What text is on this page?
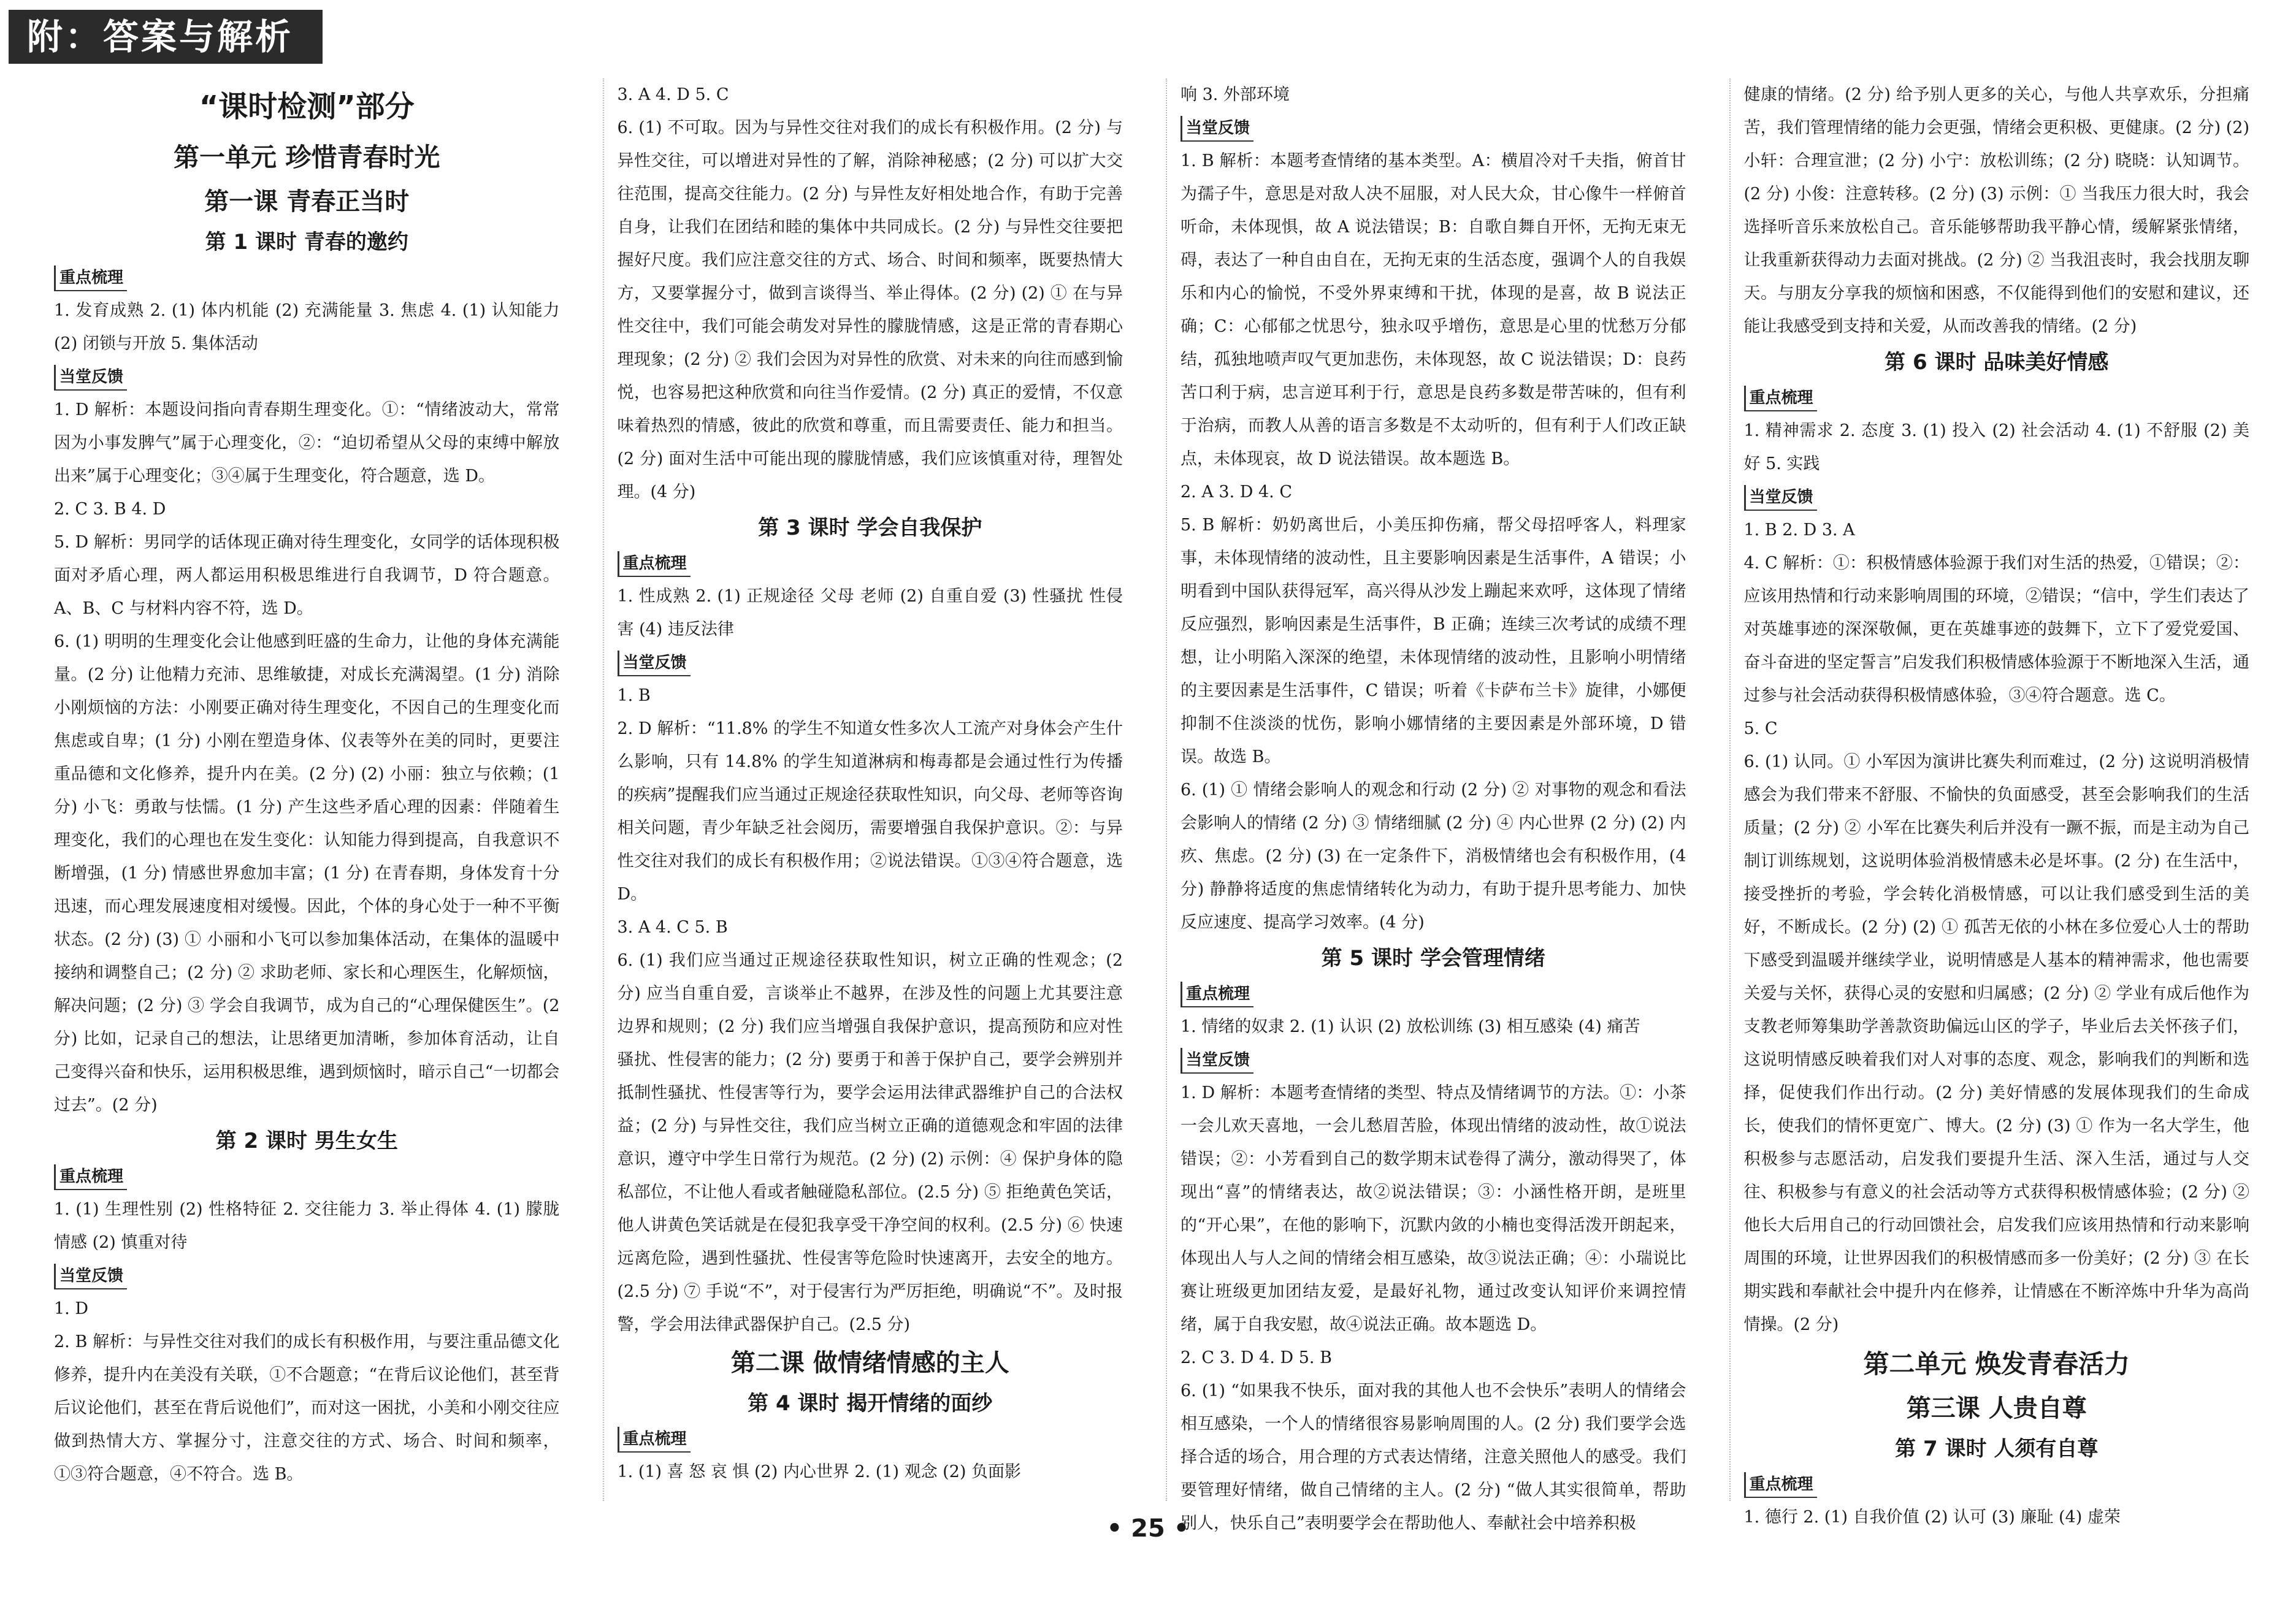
附：答案与解析
“课时检测”部分
第一单元 珍惜青春时光
第一课 青春正当时
第 1 课时 青春的邀约
重点梳理

1. 发育成熟 2. (1) 体内机能 (2) 充满能量 3. 焦虑 4. (1) 认知能力 (2) 闭锁与开放 5. 集体活动

当堂反馈

1. D 解析：本题设问指向青春期生理变化。①：“情绪波动大，常常因为小事发脾气”属于心理变化，②：“迫切希望从父母的束缚中解放出来”属于心理变化；③④属于生理变化，符合题意，选 D。

2. C 3. B 4. D

5. D 解析：男同学的话体现正确对待生理变化，女同学的话体现积极面对矛盾心理，两人都运用积极思维进行自我调节，D 符合题意。A、B、C 与材料内容不符，选 D。

6. (1) 明明的生理变化会让他感到旺盛的生命力，让他的身体充满能量。(2 分) 让他精力充沛、思维敏捷，对成长充满渴望。(1 分) 消除小刚烦恼的方法：小刚要正确对待生理变化，不因自己的生理变化而焦虑或自卑；(1 分) 小刚在塑造身体、仪表等外在美的同时，更要注重品德和文化修养，提升内在美。(2 分) (2) 小丽：独立与依赖；(1 分) 小飞：勇敢与怯懦。(1 分) 产生这些矛盾心理的因素：伴随着生理变化，我们的心理也在发生变化：认知能力得到提高，自我意识不断增强，(1 分) 情感世界愈加丰富；(1 分) 在青春期，身体发育十分迅速，而心理发展速度相对缓慢。因此，个体的身心处于一种不平衡状态。(2 分) (3) ① 小丽和小飞可以参加集体活动，在集体的温暖中接纳和调整自己；(2 分) ② 求助老师、家长和心理医生，化解烦恼，解决问题；(2 分) ③ 学会自我调节，成为自己的“心理保健医生”。(2 分) 比如，记录自己的想法，让思绪更加清晰，参加体育活动，让自己变得兴奋和快乐，运用积极思维，遇到烦恼时，暗示自己“一切都会过去”。(2 分)

第 2 课时 男生女生
重点梳理

1. (1) 生理性别 (2) 性格特征 2. 交往能力 3. 举止得体 4. (1) 朦胧情感 (2) 慎重对待

当堂反馈

1. D

2. B 解析：与异性交往对我们的成长有积极作用，与要注重品德文化修养，提升内在美没有关联，①不合题意；“在背后议论他们，甚至背后议论他们，甚至在背后说他们”，而对这一困扰，小美和小刚交往应做到热情大方、掌握分寸，注意交往的方式、场合、时间和频率，①③符合题意，④不符合。选 B。

3. A 4. D 5. C

6. (1) 不可取。因为与异性交往对我们的成长有积极作用。(2 分) 与异性交往，可以增进对异性的了解，消除神秘感；(2 分) 可以扩大交往范围，提高交往能力。(2 分) 与异性友好相处地合作，有助于完善自身，让我们在团结和睦的集体中共同成长。(2 分) 与异性交往要把握好尺度。我们应注意交往的方式、场合、时间和频率，既要热情大方，又要掌握分寸，做到言谈得当、举止得体。(2 分) (2) ① 在与异性交往中，我们可能会萌发对异性的朦胧情感，这是正常的青春期心理现象；(2 分) ② 我们会因为对异性的欣赏、对未来的向往而感到愉悦，也容易把这种欣赏和向往当作爱情。(2 分) 真正的爱情，不仅意味着热烈的情感，彼此的欣赏和尊重，而且需要责任、能力和担当。(2 分) 面对生活中可能出现的朦胧情感，我们应该慎重对待，理智处理。(4 分)

第 3 课时 学会自我保护
重点梳理

1. 性成熟 2. (1) 正规途径 父母 老师 (2) 自重自爱 (3) 性骚扰 性侵害 (4) 违反法律

当堂反馈

1. B

2. D 解析：“11.8% 的学生不知道女性多次人工流产对身体会产生什么影响，只有 14.8% 的学生知道淋病和梅毒都是会通过性行为传播的疾病”提醒我们应当通过正规途径获取性知识，向父母、老师等咨询相关问题，青少年缺乏社会阅历，需要增强自我保护意识。②：与异性交往对我们的成长有积极作用；②说法错误。①③④符合题意，选 D。

3. A 4. C 5. B

6. (1) 我们应当通过正规途径获取性知识，树立正确的性观念；(2 分) 应当自重自爱，言谈举止不越界，在涉及性的问题上尤其要注意边界和规则；(2 分) 我们应当增强自我保护意识，提高预防和应对性骚扰、性侵害的能力；(2 分) 要勇于和善于保护自己，要学会辨别并抵制性骚扰、性侵害等行为，要学会运用法律武器维护自己的合法权益；(2 分) 与异性交往，我们应当树立正确的道德观念和牢固的法律意识，遵守中学生日常行为规范。(2 分) (2) 示例：④ 保护身体的隐私部位，不让他人看或者触碰隐私部位。(2.5 分) ⑤ 拒绝黄色笑话，他人讲黄色笑话就是在侵犯我享受干净空间的权利。(2.5 分) ⑥ 快速远离危险，遇到性骚扰、性侵害等危险时快速离开，去安全的地方。(2.5 分) ⑦ 手说“不”，对于侵害行为严厉拒绝，明确说“不”。及时报警，学会用法律武器保护自己。(2.5 分)

第二课 做情绪情感的主人
第 4 课时 揭开情绪的面纱
重点梳理

1. (1) 喜 怒 哀 惧 (2) 内心世界 2. (1) 观念 (2) 负面影

响 3. 外部环境

当堂反馈

1. B 解析：本题考查情绪的基本类型。A：横眉冷对千夫指，俯首甘为孺子牛，意思是对敌人决不屈服，对人民大众，甘心像牛一样俯首听命，未体现惧，故 A 说法错误；B：自歌自舞自开怀，无拘无束无碍，表达了一种自由自在，无拘无束的生活态度，强调个人的自我娱乐和内心的愉悦，不受外界束缚和干扰，体现的是喜，故 B 说法正确；C：心郁郁之忧思兮，独永叹乎增伤，意思是心里的忧愁万分郁结，孤独地喷声叹气更加悲伤，未体现怒，故 C 说法错误；D：良药苦口利于病，忠言逆耳利于行，意思是良药多数是带苦味的，但有利于治病，而教人从善的语言多数是不太动听的，但有利于人们改正缺点，未体现哀，故 D 说法错误。故本题选 B。

2. A 3. D 4. C

5. B 解析：奶奶离世后，小美压抑伤痛，帮父母招呼客人，料理家事，未体现情绪的波动性，且主要影响因素是生活事件，A 错误；小明看到中国队获得冠军，高兴得从沙发上蹦起来欢呼，这体现了情绪反应强烈，影响因素是生活事件，B 正确；连续三次考试的成绩不理想，让小明陷入深深的绝望，未体现情绪的波动性，且影响小明情绪的主要因素是生活事件，C 错误；听着《卡萨布兰卡》旋律，小娜便抑制不住淡淡的忧伤，影响小娜情绪的主要因素是外部环境，D 错误。故选 B。

6. (1) ① 情绪会影响人的观念和行动 (2 分) ② 对事物的观念和看法会影响人的情绪 (2 分) ③ 情绪细腻 (2 分) ④ 内心世界 (2 分) (2) 内疚、焦虑。(2 分) (3) 在一定条件下，消极情绪也会有积极作用，(4 分) 静静将适度的焦虑情绪转化为动力，有助于提升思考能力、加快反应速度、提高学习效率。(4 分)

第 5 课时 学会管理情绪
重点梳理

1. 情绪的奴隶 2. (1) 认识 (2) 放松训练 (3) 相互感染 (4) 痛苦

当堂反馈

1. D 解析：本题考查情绪的类型、特点及情绪调节的方法。①：小茶一会儿欢天喜地，一会儿愁眉苦脸，体现出情绪的波动性，故①说法错误；②：小芳看到自己的数学期末试卷得了满分，激动得哭了，体现出“喜”的情绪表达，故②说法错误；③：小涵性格开朗，是班里的“开心果”，在他的影响下，沉默内敛的小楠也变得活泼开朗起来，体现出人与人之间的情绪会相互感染，故③说法正确；④：小瑞说比赛让班级更加团结友爱，是最好礼物，通过改变认知评价来调控情绪，属于自我安慰，故④说法正确。故本题选 D。

2. C 3. D 4. D 5. B

6. (1) “如果我不快乐，面对我的其他人也不会快乐”表明人的情绪会相互感染，一个人的情绪很容易影响周围的人。(2 分) 我们要学会选择合适的场合，用合理的方式表达情绪，注意关照他人的感受。我们要管理好情绪，做自己情绪的主人。(2 分) “做人其实很简单，帮助别人，快乐自己”表明要学会在帮助他人、奉献社会中培养积极

健康的情绪。(2 分) 给予别人更多的关心，与他人共享欢乐，分担痛苦，我们管理情绪的能力会更强，情绪会更积极、更健康。(2 分) (2) 小轩：合理宣泄；(2 分) 小宁：放松训练；(2 分) 晓晓：认知调节。(2 分) 小俊：注意转移。(2 分) (3) 示例：① 当我压力很大时，我会选择听音乐来放松自己。音乐能够帮助我平静心情，缓解紧张情绪，让我重新获得动力去面对挑战。(2 分) ② 当我沮丧时，我会找朋友聊天。与朋友分享我的烦恼和困惑，不仅能得到他们的安慰和建议，还能让我感受到支持和关爱，从而改善我的情绪。(2 分)

第 6 课时 品味美好情感
重点梳理

1. 精神需求 2. 态度 3. (1) 投入 (2) 社会活动 4. (1) 不舒服 (2) 美好 5. 实践

当堂反馈

1. B 2. D 3. A

4. C 解析：①：积极情感体验源于我们对生活的热爱，①错误；②：应该用热情和行动来影响周围的环境，②错误；“信中，学生们表达了对英雄事迹的深深敬佩，更在英雄事迹的鼓舞下，立下了爱党爱国、奋斗奋进的坚定誓言”启发我们积极情感体验源于不断地深入生活，通过参与社会活动获得积极情感体验，③④符合题意。选 C。

5. C

6. (1) 认同。① 小军因为演讲比赛失利而难过，(2 分) 这说明消极情感会为我们带来不舒服、不愉快的负面感受，甚至会影响我们的生活质量；(2 分) ② 小军在比赛失利后并没有一蹶不振，而是主动为自己制订训练规划，这说明体验消极情感未必是坏事。(2 分) 在生活中，接受挫折的考验，学会转化消极情感，可以让我们感受到生活的美好，不断成长。(2 分) (2) ① 孤苦无依的小林在多位爱心人士的帮助下感受到温暖并继续学业，说明情感是人基本的精神需求，他也需要关爱与关怀，获得心灵的安慰和归属感；(2 分) ② 学业有成后他作为支教老师筹集助学善款资助偏远山区的学子，毕业后去关怀孩子们，这说明情感反映着我们对人对事的态度、观念，影响我们的判断和选择，促使我们作出行动。(2 分) 美好情感的发展体现我们的生命成长，使我们的情怀更宽广、博大。(2 分) (3) ① 作为一名大学生，他积极参与志愿活动，启发我们要提升生活、深入生活，通过与人交往、积极参与有意义的社会活动等方式获得积极情感体验；(2 分) ② 他长大后用自己的行动回馈社会，启发我们应该用热情和行动来影响周围的环境，让世界因我们的积极情感而多一份美好；(2 分) ③ 在长期实践和奉献社会中提升内在修养，让情感在不断淬炼中升华为高尚情操。(2 分)

第二单元 焕发青春活力
第三课 人贵自尊
第 7 课时 人须有自尊
重点梳理

1. 德行 2. (1) 自我价值 (2) 认可 (3) 廉耻 (4) 虚荣

• 25 •
